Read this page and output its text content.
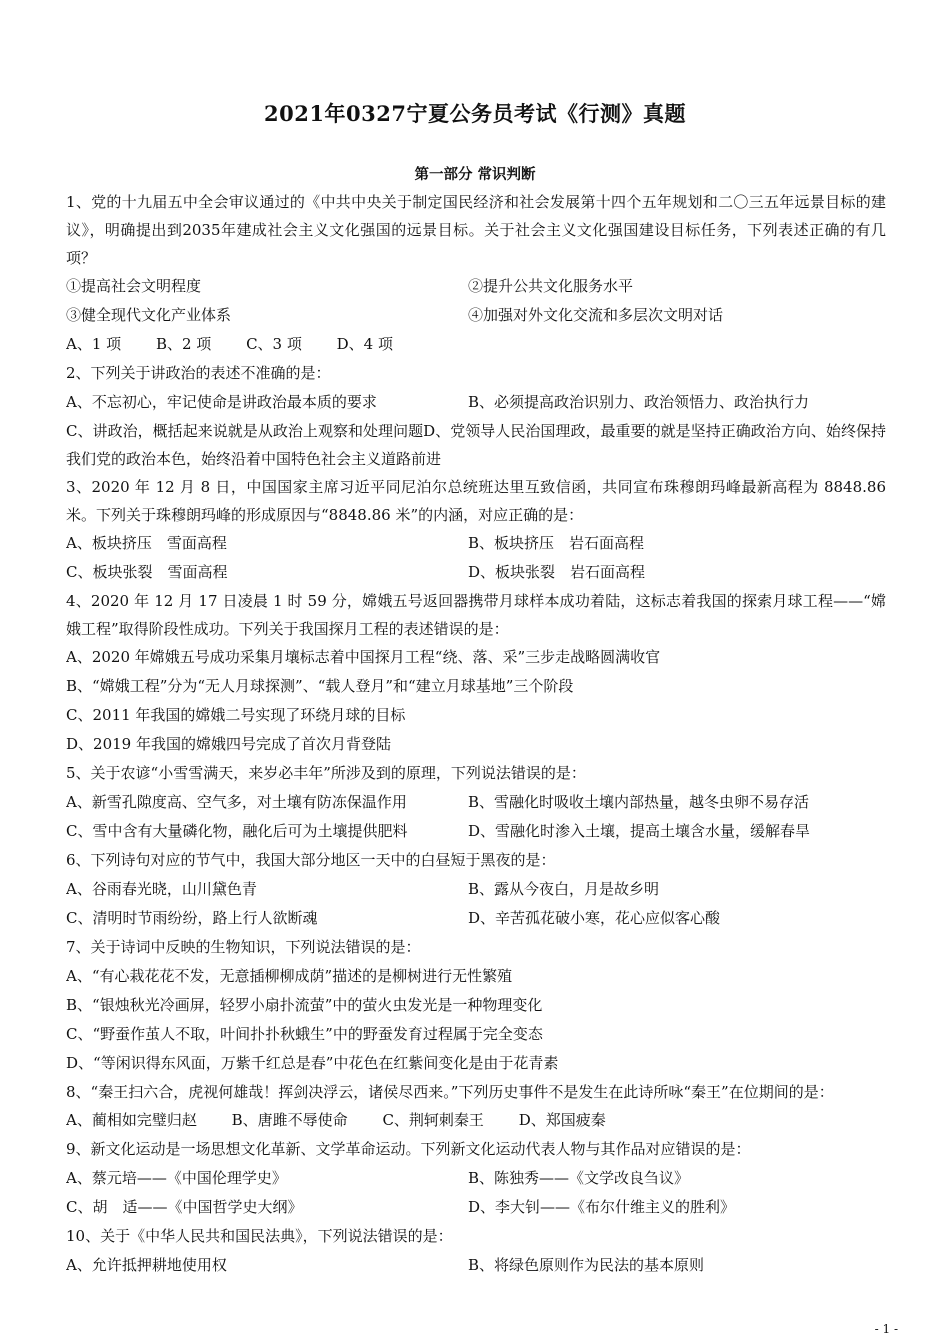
2021年0327宁夏公务员考试《行测》真题
第一部分 常识判断
1、党的十九届五中全会审议通过的《中共中央关于制定国民经济和社会发展第十四个五年规划和二〇三五年远景目标的建议》，明确提出到2035年建成社会主义文化强国的远景目标。关于社会主义文化强国建设目标任务，下列表述正确的有几项？
①提高社会文明程度	②提升公共文化服务水平
③健全现代文化产业体系	④加强对外文化交流和多层次文明对话
A、1 项 B、2 项 C、3 项 D、4 项
2、下列关于讲政治的表述不准确的是：
A、不忘初心，牢记使命是讲政治最本质的要求	B、必须提高政治识别力、政治领悟力、政治执行力
C、讲政治，概括起来说就是从政治上观察和处理问题D、党领导人民治国理政，最重要的就是坚持正确政治方向、始终保持我们党的政治本色，始终沿着中国特色社会主义道路前进
3、2020 年 12 月 8 日，中国国家主席习近平同尼泊尔总统班达里互致信函，共同宣布珠穆朗玛峰最新高程为 8848.86 米。下列关于珠穆朗玛峰的形成原因与“8848.86 米”的内涵，对应正确的是：
A、板块挤压　雪面高程	B、板块挤压　岩石面高程
C、板块张裂　雪面高程	D、板块张裂　岩石面高程
4、2020 年 12 月 17 日凌晨 1 时 59 分，嫦娥五号返回器携带月球样本成功着陆，这标志着我国的探索月球工程——“嫦娥工程”取得阶段性成功。下列关于我国探月工程的表述错误的是：
A、2020 年嫦娥五号成功采集月壤标志着中国探月工程“绕、落、采”三步走战略圆满收官
B、“嫦娥工程”分为“无人月球探测”、“载人登月”和“建立月球基地”三个阶段
C、2011 年我国的嫦娥二号实现了环绕月球的目标
D、2019 年我国的嫦娥四号完成了首次月背登陆
5、关于农谚“小雪雪满天，来岁必丰年”所涉及到的原理，下列说法错误的是：
A、新雪孔隙度高、空气多，对土壤有防冻保温作用	B、雪融化时吸收土壤内部热量，越冬虫卵不易存活
C、雪中含有大量磷化物，融化后可为土壤提供肥料	D、雪融化时渗入土壤，提高土壤含水量，缓解春旱
6、下列诗句对应的节气中，我国大部分地区一天中的白昼短于黑夜的是：
A、谷雨春光晓，山川黛色青	B、露从今夜白，月是故乡明
C、清明时节雨纷纷，路上行人欲断魂	D、辛苦孤花破小寒，花心应似客心酸
7、关于诗词中反映的生物知识，下列说法错误的是：
A、“有心栽花花不发，无意插柳柳成荫”描述的是柳树进行无性繁殖
B、“银烛秋光冷画屏，轻罗小扇扑流萤”中的萤火虫发光是一种物理变化
C、“野蚕作茧人不取，叶间扑扑秋蛾生”中的野蚕发育过程属于完全变态
D、“等闲识得东风面，万紫千红总是春”中花色在红紫间变化是由于花青素
8、“秦王扫六合，虎视何雄哉！挥剑决浮云，诸侯尽西来。”下列历史事件不是发生在此诗所咏“秦王”在位期间的是：
A、蔺相如完璧归赵 B、唐雎不辱使命 C、荆轲刺秦王 D、郑国疲秦
9、新文化运动是一场思想文化革新、文学革命运动。下列新文化运动代表人物与其作品对应错误的是：
A、蔡元培——《中国伦理学史》	B、陈独秀——《文学改良刍议》
C、胡　适——《中国哲学史大纲》	D、李大钊——《布尔什维主义的胜利》
10、关于《中华人民共和国民法典》，下列说法错误的是：
A、允许抵押耕地使用权	B、将绿色原则作为民法的基本原则
- 1 -
